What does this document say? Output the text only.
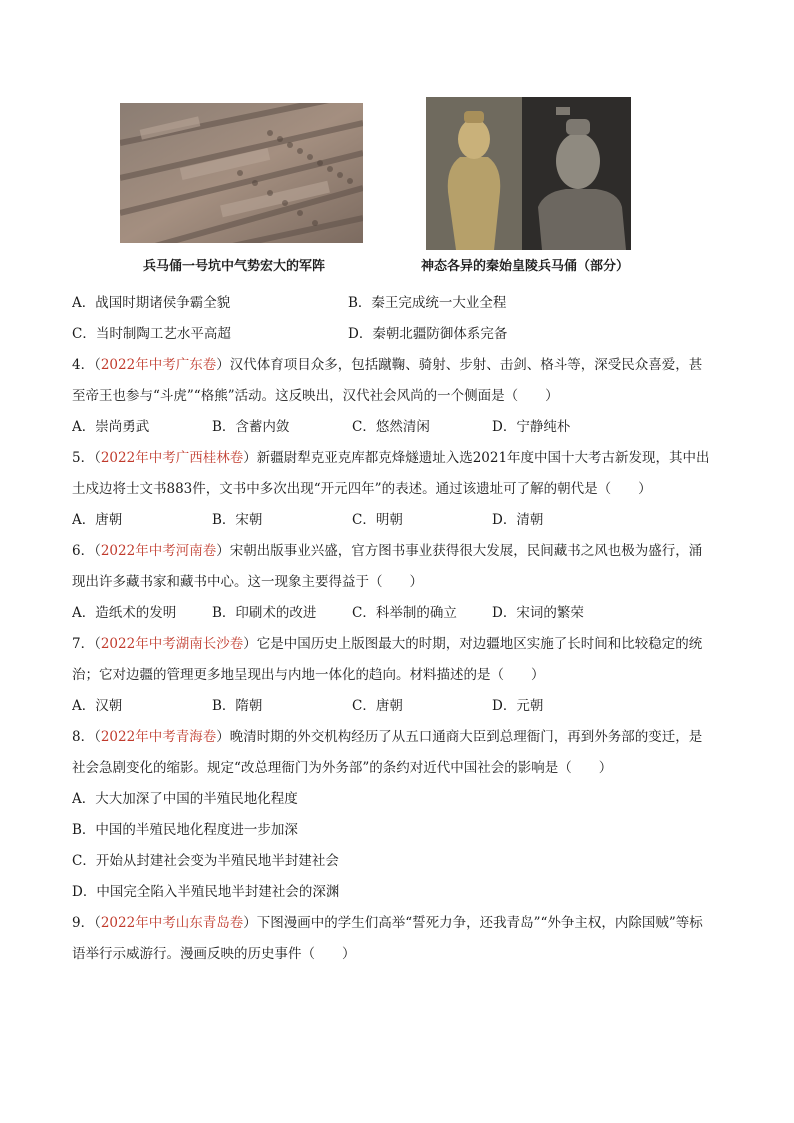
兵马俑一号坑中气势宏大的军阵	神态各异的秦始皇陵兵马俑（部分）
A．战国时期诸侯争霸全貌	B．秦王完成统一大业全程
C．当时制陶工艺水平高超	D．秦朝北疆防御体系完备
4．（2022年中考广东卷）汉代体育项目众多，包括蹴鞠、骑射、步射、击剑、格斗等，深受民众喜爱，甚
至帝王也参与“斗虎”“格熊”活动。这反映出，汉代社会风尚的一个侧面是（　　）
A．崇尚勇武	B．含蓄内敛	C．悠然清闲	D．宁静纯朴
5．（2022年中考广西桂林卷）新疆尉犁克亚克库都克烽燧遗址入选2021年度中国十大考古新发现，其中出
土戍边将士文书883件，文书中多次出现“开元四年”的表述。通过该遗址可了解的朝代是（　　）
A．唐朝	B．宋朝	C．明朝	D．清朝
6．（2022年中考河南卷）宋朝出版事业兴盛，官方图书事业获得很大发展，民间藏书之风也极为盛行，涌
现出许多藏书家和藏书中心。这一现象主要得益于（　　）
A．造纸术的发明	B．印刷术的改进	C．科举制的确立	D．宋词的繁荣
7．（2022年中考湖南长沙卷）它是中国历史上版图最大的时期，对边疆地区实施了长时间和比较稳定的统
治；它对边疆的管理更多地呈现出与内地一体化的趋向。材料描述的是（　　）
A．汉朝	B．隋朝	C．唐朝	D．元朝
8．（2022年中考青海卷）晚清时期的外交机构经历了从五口通商大臣到总理衙门，再到外务部的变迁，是
社会急剧变化的缩影。规定“改总理衙门为外务部”的条约对近代中国社会的影响是（　　）
A．大大加深了中国的半殖民地化程度
B．中国的半殖民地化程度进一步加深
C．开始从封建社会变为半殖民地半封建社会
D．中国完全陷入半殖民地半封建社会的深渊
9．（2022年中考山东青岛卷）下图漫画中的学生们高举“誓死力争，还我青岛”“外争主权，内除国贼”等标
语举行示威游行。漫画反映的历史事件（　　）
